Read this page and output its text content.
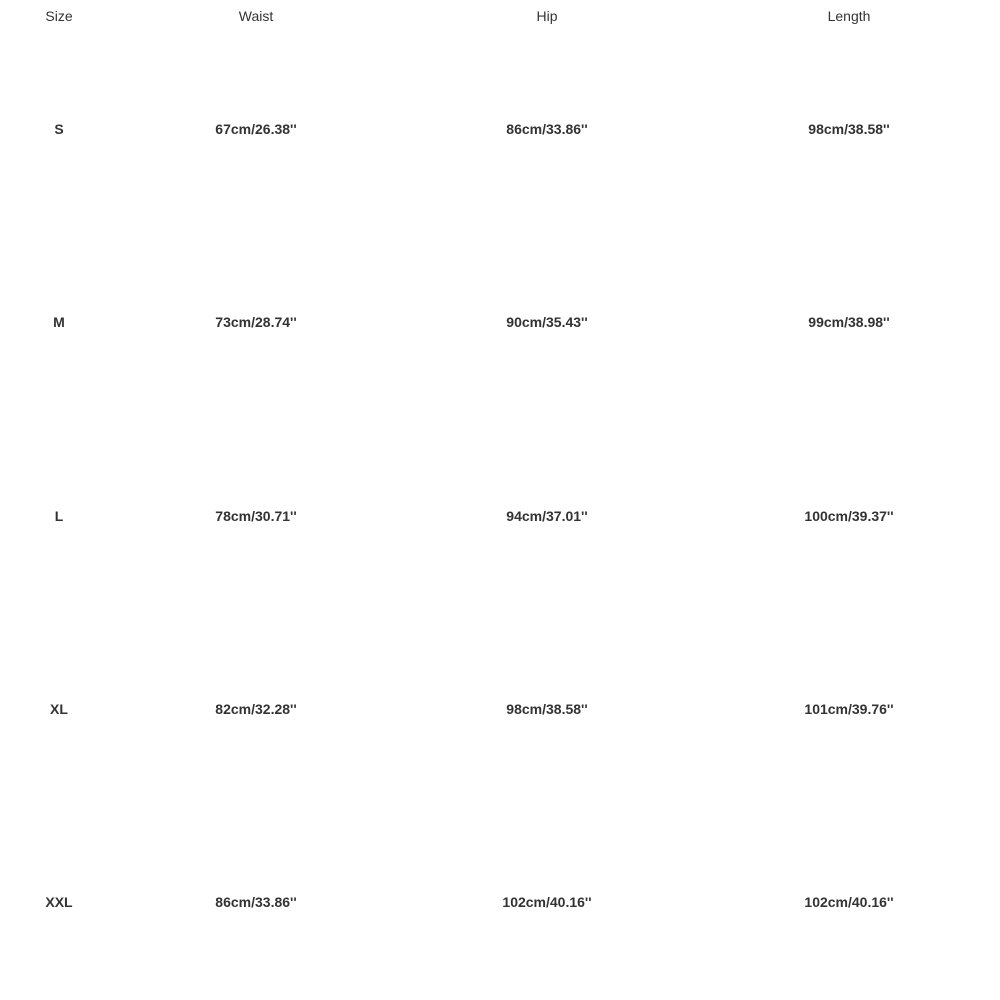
Size	Waist	Hip	Length
S	67cm/26.38''	86cm/33.86''	98cm/38.58''
M	73cm/28.74''	90cm/35.43''	99cm/38.98''
L	78cm/30.71''	94cm/37.01''	100cm/39.37''
XL	82cm/32.28''	98cm/38.58''	101cm/39.76''
XXL	86cm/33.86''	102cm/40.16''	102cm/40.16''
